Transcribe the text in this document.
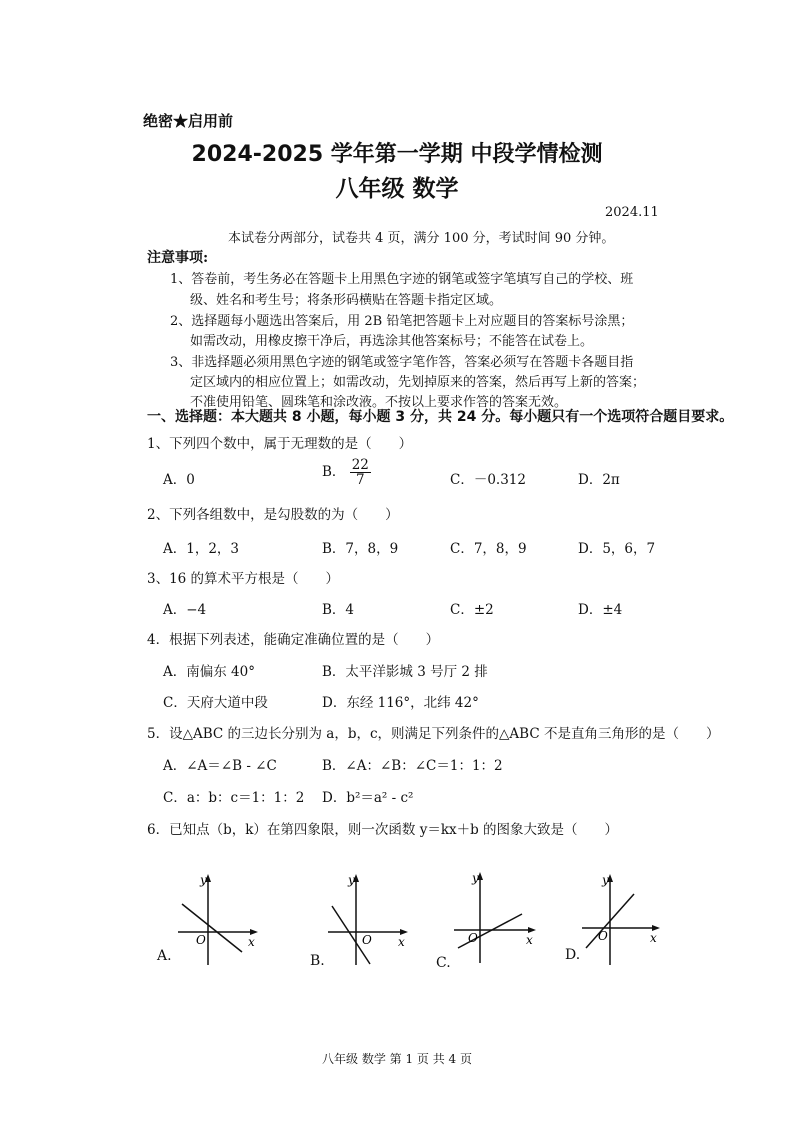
绝密★启用前
2024-2025 学年第一学期 中段学情检测
八年级 数学
2024.11
本试卷分两部分，试卷共 4 页，满分 100 分，考试时间 90 分钟。
注意事项:
1、答卷前，考生务必在答题卡上用黑色字迹的钢笔或签字笔填写自己的学校、班
级、姓名和考生号；将条形码横贴在答题卡指定区域。
2、选择题每小题选出答案后，用 2B 铅笔把答题卡上对应题目的答案标号涂黑；
如需改动，用橡皮擦干净后，再选涂其他答案标号；不能答在试卷上。
3、非选择题必须用黑色字迹的钢笔或签字笔作答，答案必须写在答题卡各题目指
定区域内的相应位置上；如需改动，先划掉原来的答案，然后再写上新的答案；
不准使用铅笔、圆珠笔和涂改液。不按以上要求作答的答案无效。
一、选择题：本大题共 8 小题，每小题 3 分，共 24 分。每小题只有一个选项符合题目要求。
1、下列四个数中，属于无理数的是（　　）
A．0	B． $\frac{22}{7}$	C．－0.312	D．2π
2、下列各组数中，是勾股数的为（　　）
A．1，2，3	B．7，8，9	C．7，8，9	D．5，6，7
3、16 的算术平方根是（　　）
A．−4	B．4	C．±2	D．±4
4．根据下列表述，能确定准确位置的是（　　）
A．南偏东 40°	B．太平洋影城 3 号厅 2 排
C．天府大道中段	D．东经 116°，北纬 42°
5．设△ABC 的三边长分别为 a，b，c，则满足下列条件的△ABC 不是直角三角形的是（　　）
A．∠A＝∠B - ∠C	B．∠A：∠B：∠C＝1：1：2
C．a：b：c＝1：1：2 D．b²＝a² - c²
6．已知点（b，k）在第四象限，则一次函数 y＝kx＋b 的图象大致是（　　）
y
x
O
A.
y
x
O
B.
y
x
O
C.
y
x
O
D.
八年级 数学 第 1 页 共 4 页
